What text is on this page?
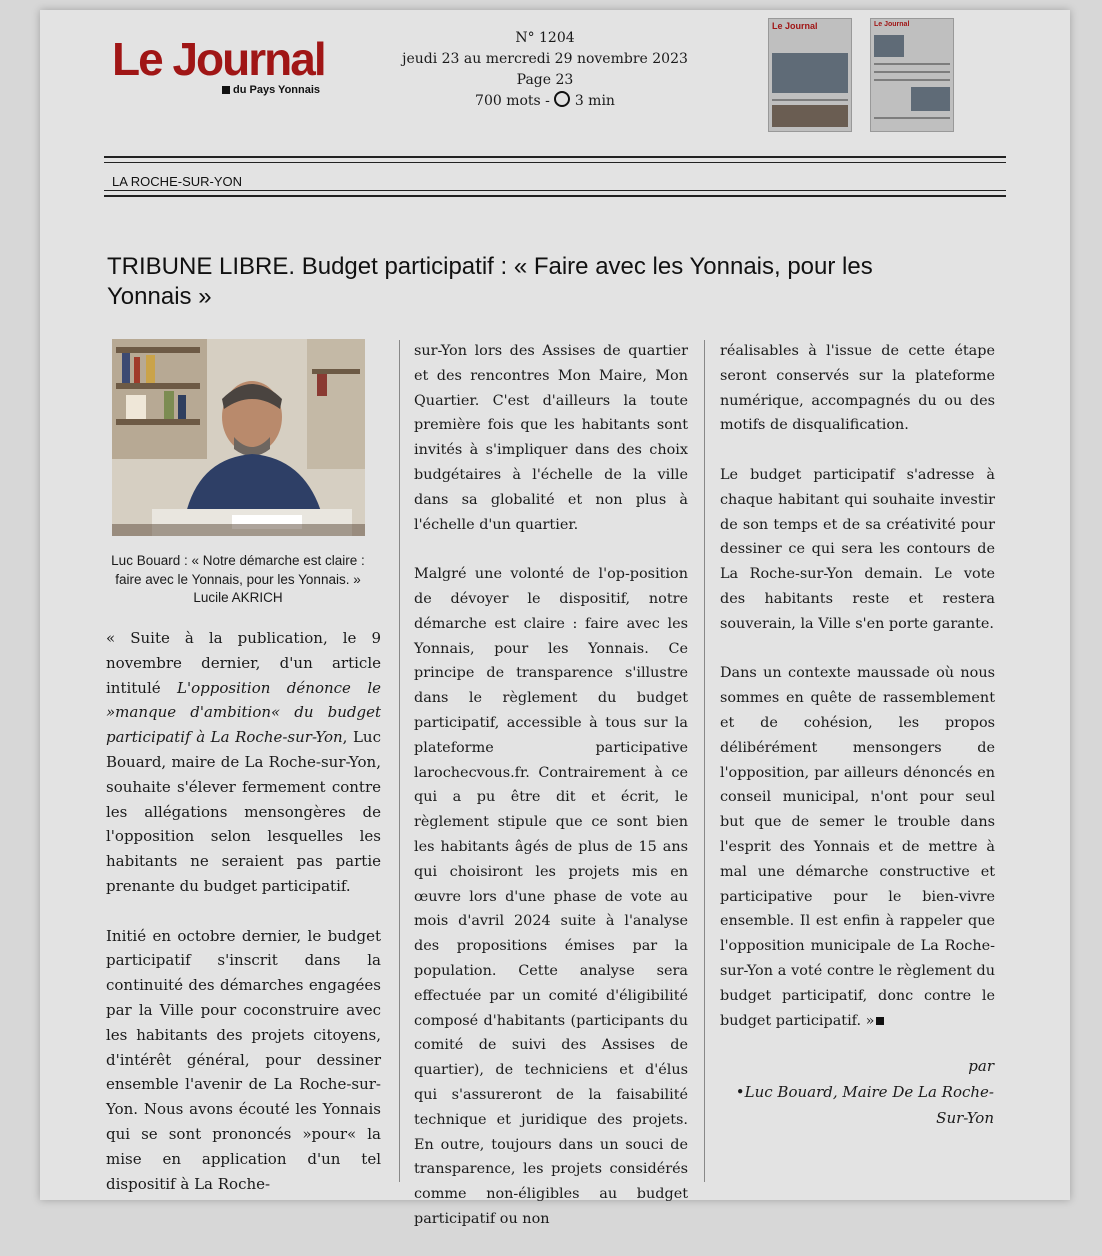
Le Journal
du Pays Yonnais
N° 1204
jeudi 23 au mercredi 29 novembre 2023
Page 23
700 mots - 3 min
Le Journal	Le Journal
LA ROCHE-SUR-YON
TRIBUNE LIBRE. Budget participatif : « Faire avec les Yonnais, pour les Yonnais »
Luc Bouard : « Notre démarche est claire : faire avec le Yonnais, pour les Yonnais. » Lucile AKRICH

« Suite à la publication, le 9 novembre dernier, d'un article intitulé L'opposition dénonce le »manque d'ambition« du budget participatif à La Roche-sur-Yon, Luc Bouard, maire de La Roche-sur-Yon, souhaite s'élever fermement contre les allégations mensongères de l'opposition selon lesquelles les habitants ne seraient pas partie prenante du budget participatif.

Initié en octobre dernier, le budget participatif s'inscrit dans la continuité des démarches engagées par la Ville pour coconstruire avec les habitants des projets citoyens, d'intérêt général, pour dessiner ensemble l'avenir de La Roche-sur-Yon. Nous avons écouté les Yonnais qui se sont prononcés »pour« la mise en application d'un tel dispositif à La Roche-

sur-Yon lors des Assises de quartier et des rencontres Mon Maire, Mon Quartier. C'est d'ailleurs la toute première fois que les habitants sont invités à s'impliquer dans des choix budgétaires à l'échelle de la ville dans sa globalité et non plus à l'échelle d'un quartier.

Malgré une volonté de l'op-position de dévoyer le dispositif, notre démarche est claire : faire avec les Yonnais, pour les Yonnais. Ce principe de transparence s'illustre dans le règlement du budget participatif, accessible à tous sur la plateforme participative larochecvous.fr. Contrairement à ce qui a pu être dit et écrit, le règlement stipule que ce sont bien les habitants âgés de plus de 15 ans qui choisiront les projets mis en œuvre lors d'une phase de vote au mois d'avril 2024 suite à l'analyse des propositions émises par la population. Cette analyse sera effectuée par un comité d'éligibilité composé d'habitants (participants du comité de suivi des Assises de quartier), de techniciens et d'élus qui s'assureront de la faisabilité technique et juridique des projets. En outre, toujours dans un souci de transparence, les projets considérés comme non-éligibles au budget participatif ou non

réalisables à l'issue de cette étape seront conservés sur la plateforme numérique, accompagnés du ou des motifs de disqualification.

Le budget participatif s'adresse à chaque habitant qui souhaite investir de son temps et de sa créativité pour dessiner ce qui sera les contours de La Roche-sur-Yon demain. Le vote des habitants reste et restera souverain, la Ville s'en porte garante.

Dans un contexte maussade où nous sommes en quête de rassemblement et de cohésion, les propos délibérément mensongers de l'opposition, par ailleurs dénoncés en conseil municipal, n'ont pour seul but que de semer le trouble dans l'esprit des Yonnais et de mettre à mal une démarche constructive et participative pour le bien-vivre ensemble. Il est enfin à rappeler que l'opposition municipale de La Roche-sur-Yon a voté contre le règlement du budget participatif, donc contre le budget participatif. »

par
•Luc Bouard, Maire De La Roche-Sur-Yon
